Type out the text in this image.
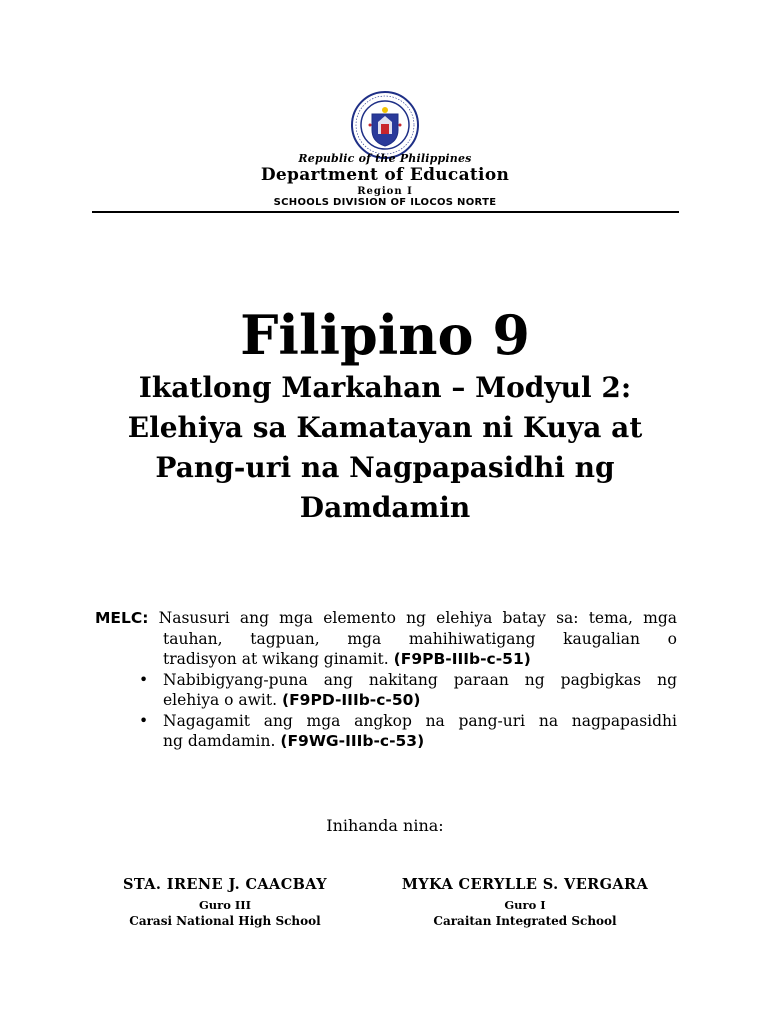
Republic of the Philippines
Department of Education
Region I
SCHOOLS DIVISION OF ILOCOS NORTE
Filipino 9
Ikatlong Markahan – Modyul 2:
Elehiya sa Kamatayan ni Kuya at
Pang-uri na Nagpapasidhi ng
Damdamin
MELC: Nasusuri ang mga elemento ng elehiya batay sa: tema, mga
tauhan, tagpuan, mga mahihiwatigang kaugalian o
tradisyon at wikang ginamit. (F9PB-IIIb-c-51)
• Nabibigyang-puna ang nakitang paraan ng pagbigkas ng
elehiya o awit. (F9PD-IIIb-c-50)
• Nagagamit ang mga angkop na pang-uri na nagpapasidhi
ng damdamin. (F9WG-IIIb-c-53)
Inihanda nina:
STA. IRENE J. CAACBAY
Guro III
Carasi National High School
MYKA CERYLLE S. VERGARA
Guro I
Caraitan Integrated School
